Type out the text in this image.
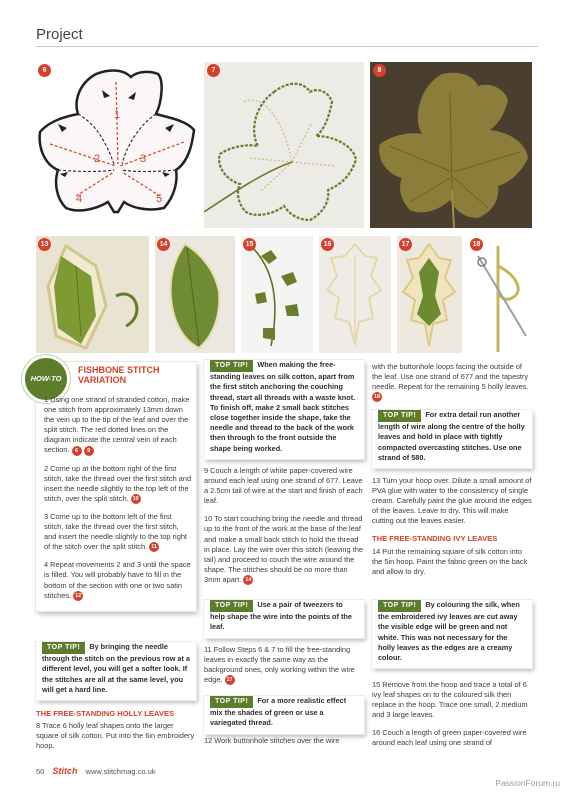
Project
1
2	3
4	5
6	7	8
13	14	15	16	17	18
HOW-TO
FISHBONE STITCH VARIATION

1 Using one strand of stranded cotton, make one stitch from approximately 13mm down the vein up to the tip of the leaf and over the split stitch. The red dotted lines on the diagram indicate the central vein of each section. 6 9

2 Come up at the bottom right of the first stitch, take the thread over the first stitch and insert the needle slightly to the top left of the stitch, over the split stitch. 10

3 Come up to the bottom left of the first stitch, take the thread over the first stitch, and insert the needle slightly to the top right of the stitch over the split stitch. 11

4 Repeat movements 2 and 3 until the space is filled. You will probably have to fill in the bottom of the section with one or two satin stitches. 12

TOP TIP! By bringing the needle through the stitch on the previous row at a different level, you will get a softer look. If the stitches are all at the same level, you will get a hard line.
THE FREE-STANDING HOLLY LEAVES

8 Trace 6 holly leaf shapes onto the larger square of silk cotton. Put into the 6in embroidery hoop.

TOP TIP! When making the free-standing leaves on silk cotton, apart from the first stitch anchoring the couching thread, start all threads with a waste knot. To finish off, make 2 small back stitches close together inside the shape, take the needle and thread to the back of the work then through to the front outside the shape being worked.

9 Couch a length of white paper-covered wire around each leaf using one strand of 677. Leave a 2.5cm tail of wire at the start and finish of each leaf.

10 To start couching bring the needle and thread up to the front of the work at the base of the leaf and make a small back stitch to hold the thread in place. Lay the wire over this stitch (leaving the tail) and proceed to couch the wire around the shape. The stitches should be no more than 3mm apart. 14

TOP TIP! Use a pair of tweezers to help shape the wire into the points of the leaf.

11 Follow Steps 6 & 7 to fill the free-standing leaves in exactly the same way as the background ones, only working within the wire edge. 17

TOP TIP! For a more realistic effect mix the shades of green or use a variegated thread.

12 Work buttonhole stitches over the wire

with the buttonhole loops facing the outside of the leaf. Use one strand of 677 and the tapestry needle. Repeat for the remaining 5 holly leaves. 18

TOP TIP! For extra detail run another length of wire along the centre of the holly leaves and hold in place with tightly compacted overcasting stitches. Use one strand of 580.

13 Turn your hoop over. Dilute a small amount of PVA glue with water to the consistency of single cream. Carefully paint the glue around the edges of the leaves. Leave to dry. This will make cutting out the leaves easier.

THE FREE-STANDING IVY LEAVES

14 Put the remaining square of silk cotton into the 5in hoop. Paint the fabric green on the back and allow to dry.

TOP TIP! By colouring the silk, when the embroidered ivy leaves are cut away the visible edge will be green and not white. This was not necessary for the holly leaves as the edges are a creamy colour.

15 Remove from the hoop and trace a total of 6 ivy leaf shapes on to the coloured silk then replace in the hoop. Trace one small, 2 medium and 3 large leaves.

16 Couch a length of green paper-covered wire around each leaf using one strand of

50 Stitch www.stitchmag.co.uk
PassionForum.ru
